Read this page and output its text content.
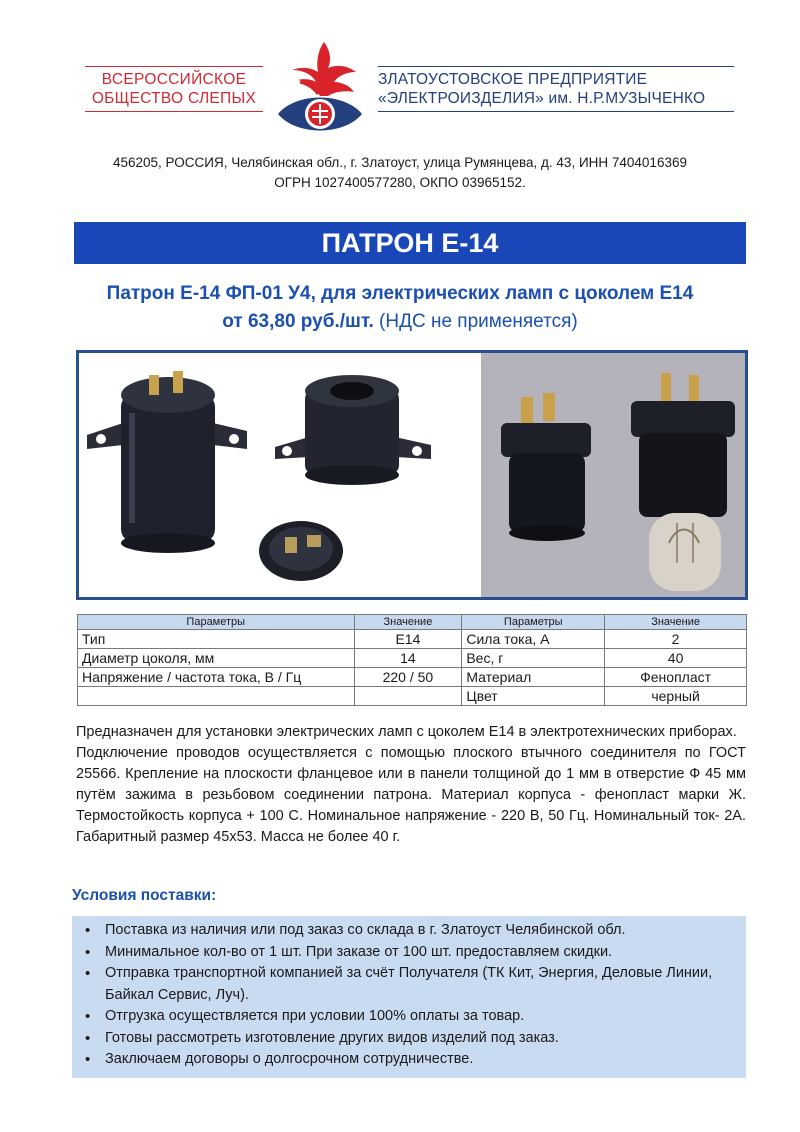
ВСЕРОССИЙСКОЕ
ОБЩЕСТВО СЛЕПЫХ
ЗЛАТОУСТОВСКОЕ ПРЕДПРИЯТИЕ
«ЭЛЕКТРОИЗДЕЛИЯ» им. Н.Р.МУЗЫЧЕНКО
456205, РОССИЯ, Челябинская обл., г. Златоуст, улица Румянцева, д. 43, ИНН 7404016369
ОГРН 1027400577280, ОКПО 03965152.
ПАТРОН Е-14
Патрон Е-14 ФП-01 У4, для электрических ламп с цоколем Е14
от 63,80 руб./шт. (НДС не применяется)
Параметры	Значение	Параметры	Значение
Тип	Е14	Сила тока, А	2
Диаметр цоколя, мм	14	Вес, г	40
Напряжение / частота тока, В / Гц	220 / 50	Материал	Фенопласт
		Цвет	черный

Предназначен для установки электрических ламп с цоколем Е14 в электротехнических приборах.

Подключение проводов осуществляется с помощью плоского втычного соединителя по ГОСТ 25566. Крепление на плоскости фланцевое или в панели толщиной до 1 мм в отверстие Ф 45 мм путём зажима в резьбовом соединении патрона. Материал корпуса - фенопласт марки Ж. Термостойкость корпуса + 100 С. Номинальное напряжение - 220 В, 50 Гц. Номинальный ток- 2А. Габаритный размер 45х53. Масса не более 40 г.

Условия поставки:
• Поставка из наличия или под заказ со склада в г. Златоуст Челябинской обл.
• Минимальное кол-во от 1 шт. При заказе от 100 шт. предоставляем скидки.
• Отправка транспортной компанией за счёт Получателя (ТК Кит, Энергия, Деловые Линии, Байкал Сервис, Луч).
• Отгрузка осуществляется при условии 100% оплаты за товар.
• Готовы рассмотреть изготовление других видов изделий под заказ.
• Заключаем договоры о долгосрочном сотрудничестве.
